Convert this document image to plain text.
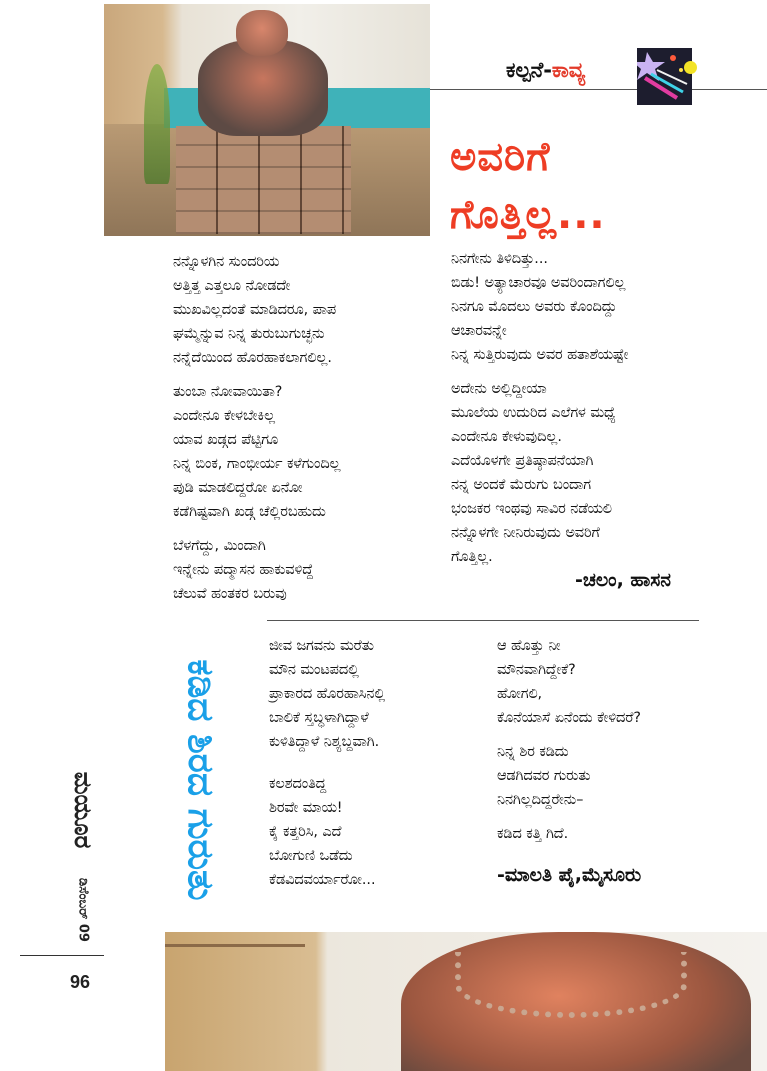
ಕಲ್ಪನೆ-ಕಾವ್ಯ
ಅವರಿಗೆ
ಗೊತ್ತಿಲ್ಲ...
ನನ್ನೊಳಗಿನ ಸುಂದರಿಯ
ಅತ್ತಿತ್ತ ಎತ್ತಲೂ ನೋಡದೇ
ಮುಖವಿಲ್ಲದಂತೆ ಮಾಡಿದರೂ, ಪಾಪ
ಘಮ್ಮೆನ್ನುವ ನಿನ್ನ ತುರುಬುಗುಚ್ಛನು
ನನ್ನೆದೆಯಿಂದ ಹೊರಹಾಕಲಾಗಲಿಲ್ಲ.
ತುಂಬಾ ನೋವಾಯಿತಾ?
ಎಂದೇನೂ ಕೇಳಬೇಕಿಲ್ಲ
ಯಾವ ಖಡ್ಗದ ಪೆಟ್ಟಿಗೂ
ನಿನ್ನ ಬಿಂಕ, ಗಾಂಭೀರ್ಯ ಕಳೆಗುಂದಿಲ್ಲ
ಪುಡಿ ಮಾಡಲಿದ್ದರೋ ಏನೋ
ಕಡೆಗಿಷ್ಟವಾಗಿ ಖಡ್ಗ ಚೆಲ್ಲಿರಬಹುದು
ಬೆಳಗೆದ್ದು, ಮಿಂದಾಗಿ
ಇನ್ನೇನು ಪದ್ಮಾಸನ ಹಾಕುವಳಿದ್ದೆ
ಚೆಲುವೆ ಹಂತಕರ ಬರುವು
ನಿನಗೇನು ತಿಳಿದಿತ್ತು...
ಬಿಡು! ಅತ್ಯಾಚಾರವೂ ಅವರಿಂದಾಗಲಿಲ್ಲ
ನಿನಗೂ ಮೊದಲು ಅವರು ಕೊಂದಿದ್ದು
ಆಚಾರವನ್ನೇ
ನಿನ್ನ ಸುತ್ತಿರುವುದು ಅವರ ಹತಾಶೆಯಷ್ಟೇ
ಅದೇನು ಅಲ್ಲಿದ್ದೀಯಾ
ಮೂಲೆಯ ಉದುರಿದ ಎಲೆಗಳ ಮಧ್ಯೆ
ಎಂದೇನೂ ಕೇಳುವುದಿಲ್ಲ.
ಎದೆಯೊಳಗೇ ಪ್ರತಿಷ್ಠಾಪನೆಯಾಗಿ
ನನ್ನ ಅಂದಕೆ ಮೆರುಗು ಬಂದಾಗ
ಭಂಜಕರ ಇಂಥವು ಸಾವಿರ ನಡೆಯಲಿ
ನನ್ನೊಳಗೇ ನೀನಿರುವುದು ಅವರಿಗೆ
ಗೊತ್ತಿಲ್ಲ.
-ಚಲಂ, ಹಾಸನ
ಕಡಿದ ಶಿರದ ಗುರುತು
ಜೀವ ಜಗವನು ಮರೆತು
ಮೌನ ಮಂಟಪದಲ್ಲಿ
ಪ್ರಾಕಾರದ ಹೊರಹಾಸಿನಲ್ಲಿ
ಬಾಲಿಕೆ ಸ್ತಬ್ಧಳಾಗಿದ್ದಾಳೆ
ಕುಳಿತಿದ್ದಾಳೆ ನಿಶ್ಯಬ್ದವಾಗಿ.
ಕಲಶದಂತಿದ್ದ
ಶಿರವೇ ಮಾಯ!
ಕೈ ಕತ್ತರಿಸಿ, ಎದೆ
ಬೋಗುಣಿ ಒಡೆದು
ಕೆಡವಿದವರ್ಯಾರೋ...
ಆ ಹೊತ್ತು ನೀ
ಮೌನವಾಗಿದ್ದೇಕೆ?
ಹೋಗಲಿ,
ಕೊನೆಯಾಸೆ ಏನೆಂದು ಕೇಳಿದರೆ?
ನಿನ್ನ ಶಿರ ಕಡಿದು
ಆಡಗಿದವರ ಗುರುತು
ನಿನಗಿಲ್ಲದಿದ್ದರೇನು–
ಕಡಿದ ಕತ್ತಿ ಗಿದೆ.
-ಮಾಲತಿ ಪೈ,ಮೈಸೂರು
ಮಯೂರ
ಡಿಸೆಂಬರ್ 09
96
